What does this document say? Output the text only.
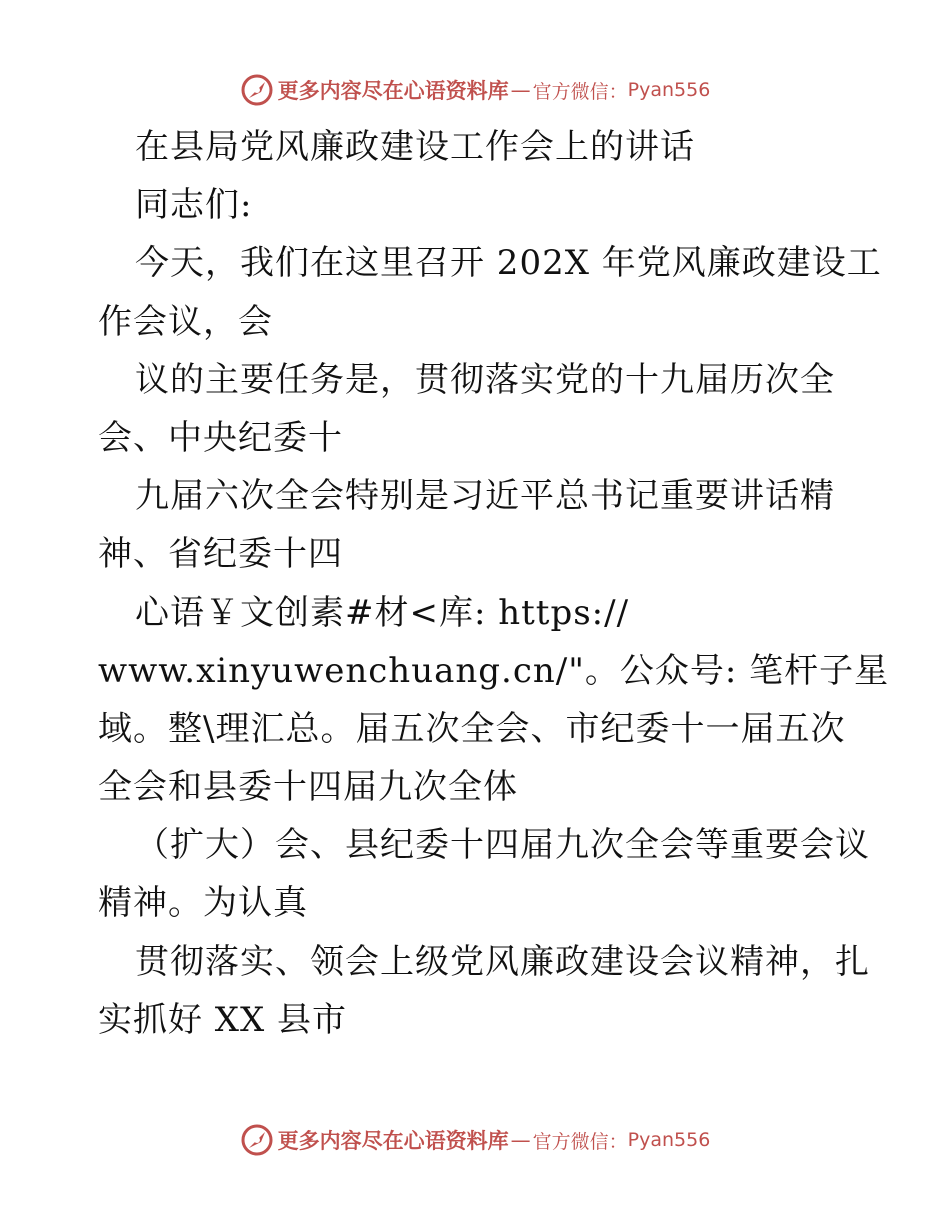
更多内容尽在心语资料库 — 官方微信： Pyan556
在县局党风廉政建设工作会上的讲话
同志们:
今天，我们在这里召开 202X 年党风廉政建设工
作会议，会
议的主要任务是，贯彻落实党的十九届历次全
会、中央纪委十
九届六次全会特别是习近平总书记重要讲话精
神、省纪委十四
心语￥文创素#材<库: https://
www.xinyuwenchuang.cn/"。公众号: 笔杆子星
域。整\理汇总。届五次全会、市纪委十一届五次
全会和县委十四届九次全体
（扩大）会、县纪委十四届九次全会等重要会议
精神。为认真
贯彻落实、领会上级党风廉政建设会议精神，扎
实抓好 XX 县市
更多内容尽在心语资料库 — 官方微信： Pyan556
